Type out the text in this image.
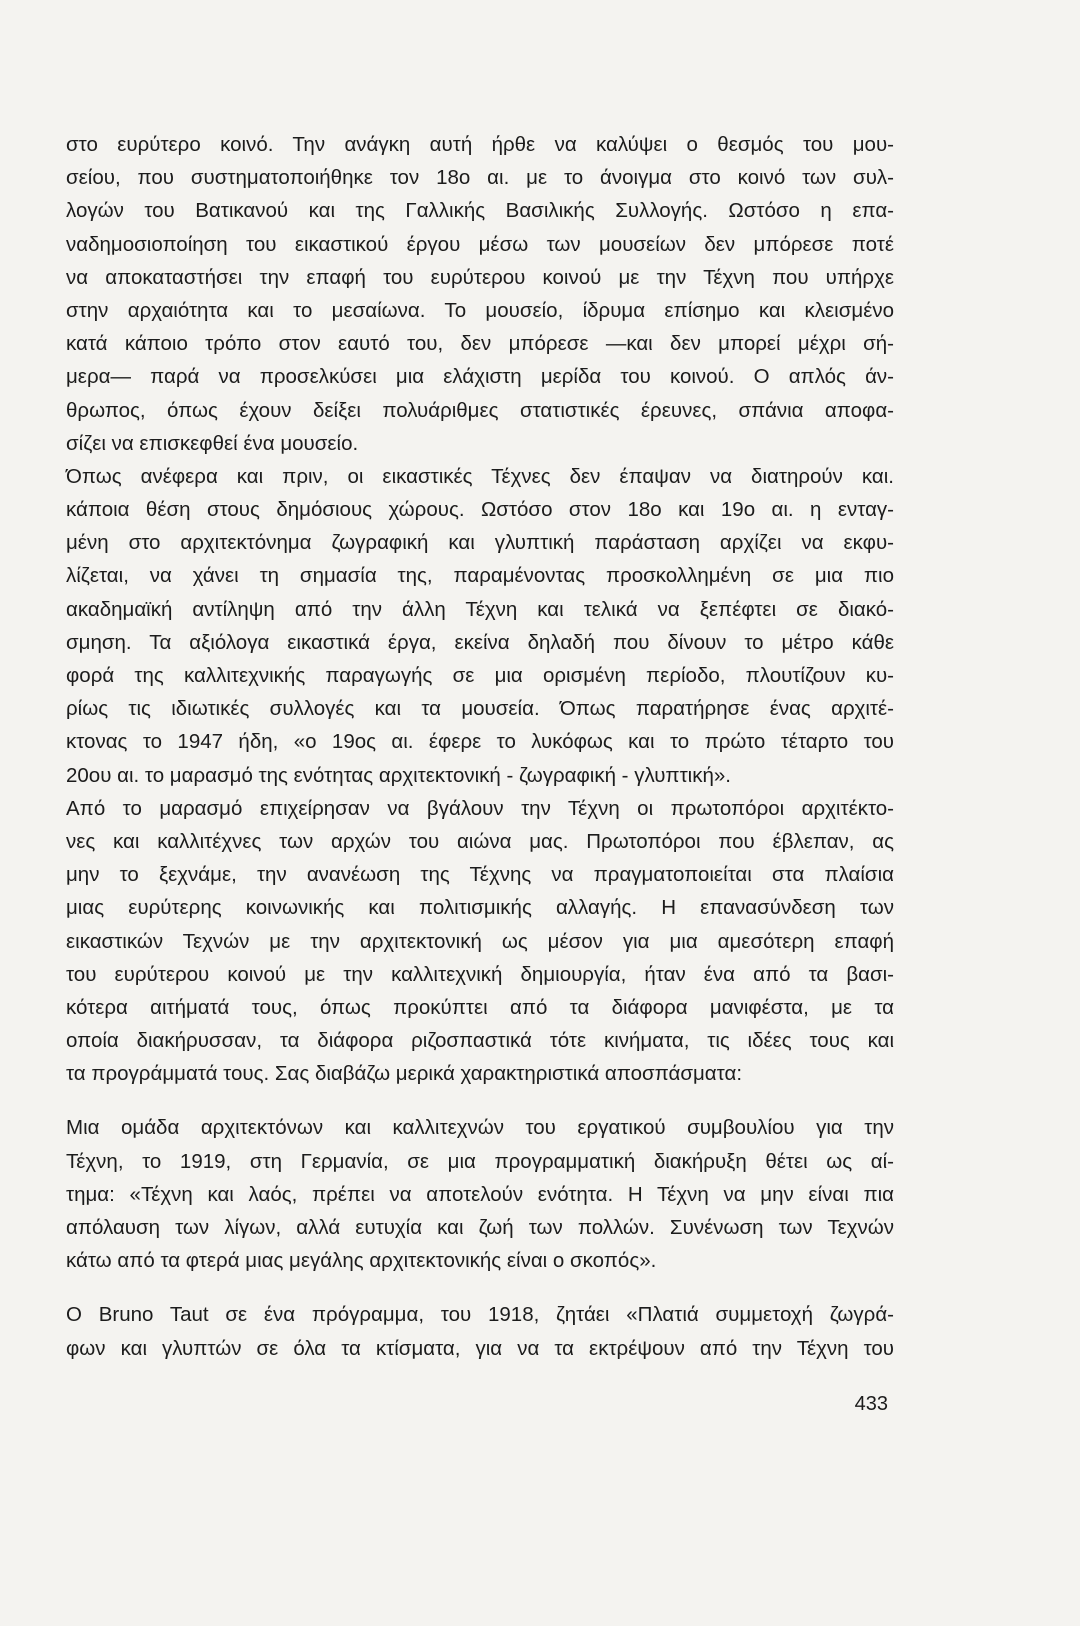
στο ευρύτερο κοινό. Την ανάγκη αυτή ήρθε να καλύψει ο θεσμός του μου-
σείου, που συστηματοποιήθηκε τον 18ο αι. με το άνοιγμα στο κοινό των συλ-
λογών του Βατικανού και της Γαλλικής Βασιλικής Συλλογής. Ωστόσο η επα-
ναδημοσιοποίηση του εικαστικού έργου μέσω των μουσείων δεν μπόρεσε ποτέ
να αποκαταστήσει την επαφή του ευρύτερου κοινού με την Τέχνη που υπήρχε
στην αρχαιότητα και το μεσαίωνα. Το μουσείο, ίδρυμα επίσημο και κλεισμένο
κατά κάποιο τρόπο στον εαυτό του, δεν μπόρεσε —και δεν μπορεί μέχρι σή-
μερα— παρά να προσελκύσει μια ελάχιστη μερίδα του κοινού. Ο απλός άν-
θρωπος, όπως έχουν δείξει πολυάριθμες στατιστικές έρευνες, σπάνια αποφα-
σίζει να επισκεφθεί ένα μουσείο.
Όπως ανέφερα και πριν, οι εικαστικές Τέχνες δεν έπαψαν να διατηρούν και.
κάποια θέση στους δημόσιους χώρους. Ωστόσο στον 18ο και 19ο αι. η ενταγ-
μένη στο αρχιτεκτόνημα ζωγραφική και γλυπτική παράσταση αρχίζει να εκφυ-
λίζεται, να χάνει τη σημασία της, παραμένοντας προσκολλημένη σε μια πιο
ακαδημαϊκή αντίληψη από την άλλη Τέχνη και τελικά να ξεπέφτει σε διακό-
σμηση. Τα αξιόλογα εικαστικά έργα, εκείνα δηλαδή που δίνουν το μέτρο κάθε
φορά της καλλιτεχνικής παραγωγής σε μια ορισμένη περίοδο, πλουτίζουν κυ-
ρίως τις ιδιωτικές συλλογές και τα μουσεία. Όπως παρατήρησε ένας αρχιτέ-
κτονας το 1947 ήδη, «ο 19ος αι. έφερε το λυκόφως και το πρώτο τέταρτο του
20ου αι. το μαρασμό της ενότητας αρχιτεκτονική - ζωγραφική - γλυπτική».
Από το μαρασμό επιχείρησαν να βγάλουν την Τέχνη οι πρωτοπόροι αρχιτέκτο-
νες και καλλιτέχνες των αρχών του αιώνα μας. Πρωτοπόροι που έβλεπαν, ας
μην το ξεχνάμε, την ανανέωση της Τέχνης να πραγματοποιείται στα πλαίσια
μιας ευρύτερης κοινωνικής και πολιτισμικής αλλαγής. Η επανασύνδεση των
εικαστικών Τεχνών με την αρχιτεκτονική ως μέσον για μια αμεσότερη επαφή
του ευρύτερου κοινού με την καλλιτεχνική δημιουργία, ήταν ένα από τα βασι-
κότερα αιτήματά τους, όπως προκύπτει από τα διάφορα μανιφέστα, με τα
οποία διακήρυσσαν, τα διάφορα ριζοσπαστικά τότε κινήματα, τις ιδέες τους και
τα προγράμματά τους. Σας διαβάζω μερικά χαρακτηριστικά αποσπάσματα:
Μια ομάδα αρχιτεκτόνων και καλλιτεχνών του εργατικού συμβουλίου για την
Τέχνη, το 1919, στη Γερμανία, σε μια προγραμματική διακήρυξη θέτει ως αί-
τημα: «Τέχνη και λαός, πρέπει να αποτελούν ενότητα. Η Τέχνη να μην είναι πια
απόλαυση των λίγων, αλλά ευτυχία και ζωή των πολλών. Συνένωση των Τεχνών
κάτω από τα φτερά μιας μεγάλης αρχιτεκτονικής είναι ο σκοπός».
Ο Bruno Taut σε ένα πρόγραμμα, του 1918, ζητάει «Πλατιά συμμετοχή ζωγρά-
φων και γλυπτών σε όλα τα κτίσματα, για να τα εκτρέψουν από την Τέχνη του
433
